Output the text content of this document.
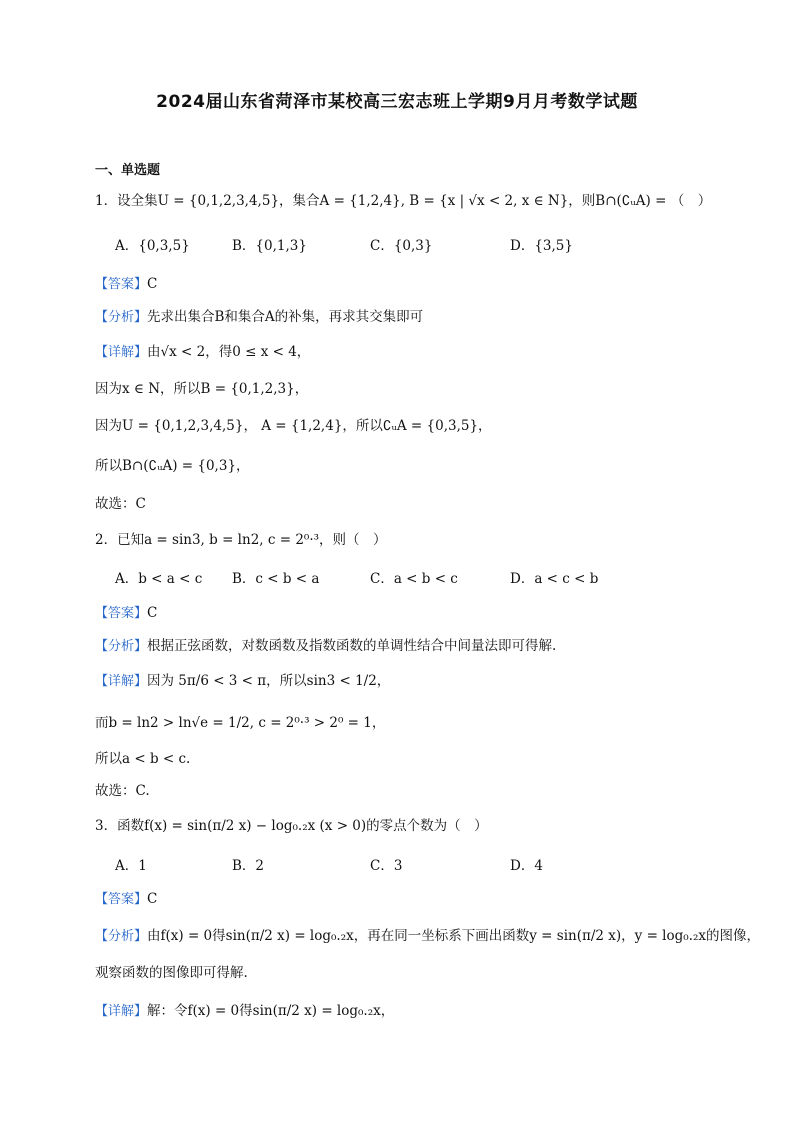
2024届山东省菏泽市某校高三宏志班上学期9月月考数学试题
一、单选题
1．设全集U = {0,1,2,3,4,5}，集合A = {1,2,4}, B = {x | √x < 2, x ∈ N}，则B∩(∁ᵤA) = （　）
A．{0,3,5}	B．{0,1,3}	C．{0,3}	D．{3,5}
【答案】C
【分析】先求出集合B和集合A的补集，再求其交集即可
【详解】由√x < 2，得0 ≤ x < 4，
因为x ∈ N，所以B = {0,1,2,3}，
因为U = {0,1,2,3,4,5}， A = {1,2,4}，所以∁ᵤA = {0,3,5}，
所以B∩(∁ᵤA) = {0,3}，
故选：C
2．已知a = sin3, b = ln2, c = 2⁰·³，则（　）
A．b < a < c B．c < b < a	C．a < b < c	D．a < c < b
【答案】C
【分析】根据正弦函数，对数函数及指数函数的单调性结合中间量法即可得解.
【详解】因为 5π/6 < 3 < π，所以sin3 < 1/2，
而b = ln2 > ln√e = 1/2, c = 2⁰·³ > 2⁰ = 1，
所以a < b < c.
故选：C.
3．函数f(x) = sin(π/2 x) − log₀.₂x (x > 0)的零点个数为（　）
A．1	B．2	C．3	D．4
【答案】C
【分析】由f(x) = 0得sin(π/2 x) = log₀.₂x，再在同一坐标系下画出函数y = sin(π/2 x)，y = log₀.₂x的图像，
观察函数的图像即可得解.
【详解】解：令f(x) = 0得sin(π/2 x) = log₀.₂x，
